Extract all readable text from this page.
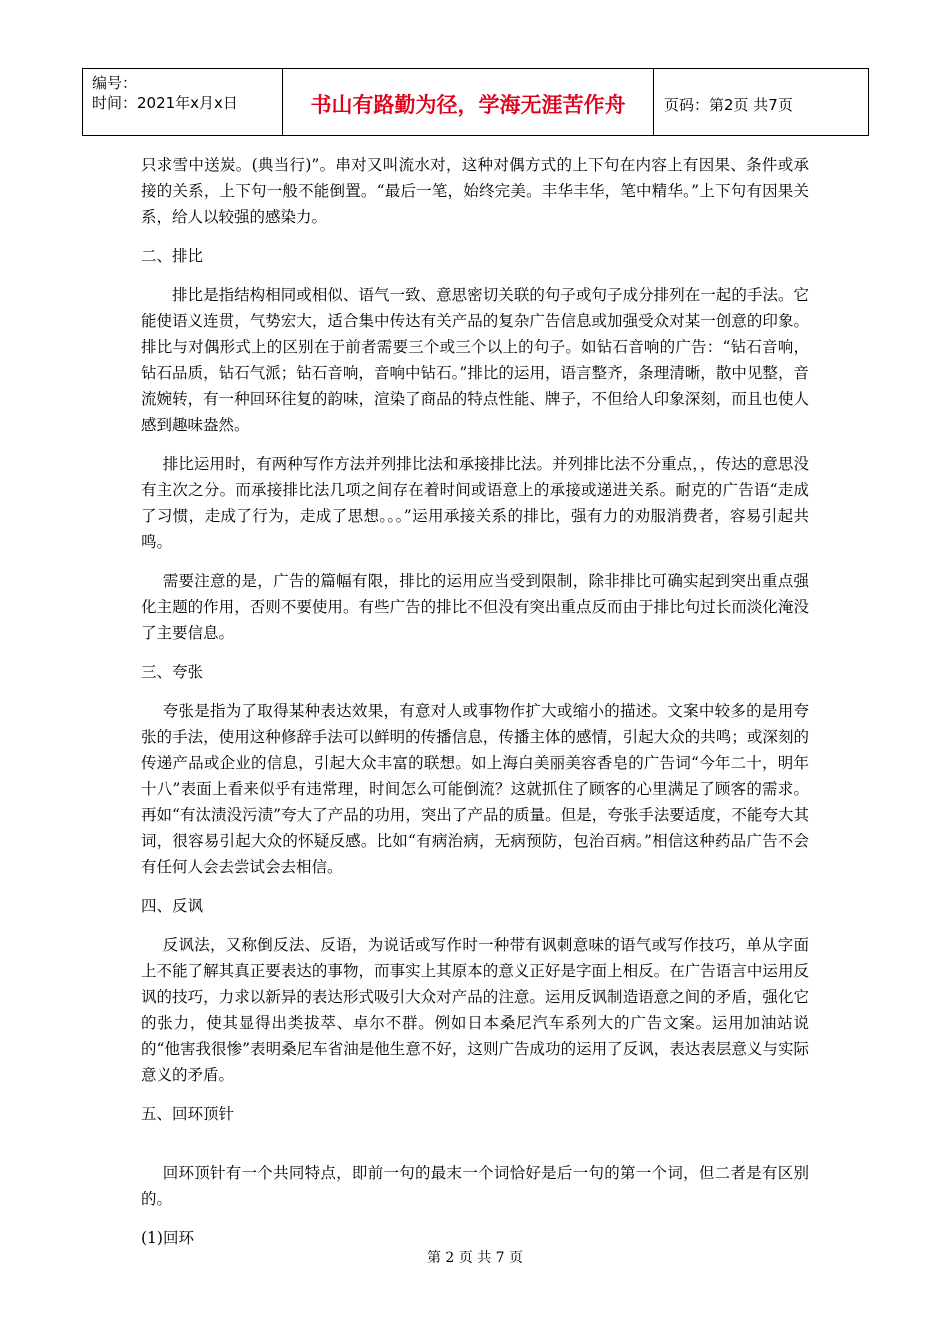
编号：
时间：2021年x月x日	书山有路勤为径，学海无涯苦作舟	页码：第2页 共7页

只求雪中送炭。(典当行)”。串对又叫流水对，这种对偶方式的上下句在内容上有因果、条件或承接的关系，上下句一般不能倒置。“最后一笔，始终完美。丰华丰华，笔中精华。”上下句有因果关系，给人以较强的感染力。

二、排比

排比是指结构相同或相似、语气一致、意思密切关联的句子或句子成分排列在一起的手法。它能使语义连贯，气势宏大，适合集中传达有关产品的复杂广告信息或加强受众对某一创意的印象。排比与对偶形式上的区别在于前者需要三个或三个以上的句子。如钻石音响的广告：“钻石音响，钻石品质，钻石气派；钻石音响，音响中钻石。”排比的运用，语言整齐，条理清晰，散中见整，音流婉转，有一种回环往复的韵味，渲染了商品的特点性能、牌子，不但给人印象深刻，而且也使人感到趣味盎然。

排比运用时，有两种写作方法并列排比法和承接排比法。并列排比法不分重点，，传达的意思没有主次之分。而承接排比法几项之间存在着时间或语意上的承接或递进关系。耐克的广告语“走成了习惯，走成了行为，走成了思想。。。”运用承接关系的排比，强有力的劝服消费者，容易引起共鸣。

需要注意的是，广告的篇幅有限，排比的运用应当受到限制，除非排比可确实起到突出重点强化主题的作用，否则不要使用。有些广告的排比不但没有突出重点反而由于排比句过长而淡化淹没了主要信息。

三、夸张

夸张是指为了取得某种表达效果，有意对人或事物作扩大或缩小的描述。文案中较多的是用夸张的手法，使用这种修辞手法可以鲜明的传播信息，传播主体的感情，引起大众的共鸣；或深刻的传递产品或企业的信息，引起大众丰富的联想。如上海白美丽美容香皂的广告词“今年二十，明年十八”表面上看来似乎有违常理，时间怎么可能倒流？这就抓住了顾客的心里满足了顾客的需求。再如“有汰渍没污渍”夸大了产品的功用，突出了产品的质量。但是，夸张手法要适度，不能夸大其词，很容易引起大众的怀疑反感。比如“有病治病，无病预防，包治百病。”相信这种药品广告不会有任何人会去尝试会去相信。

四、反讽

反讽法，又称倒反法、反语，为说话或写作时一种带有讽刺意味的语气或写作技巧，单从字面上不能了解其真正要表达的事物，而事实上其原本的意义正好是字面上相反。在广告语言中运用反讽的技巧，力求以新异的表达形式吸引大众对产品的注意。运用反讽制造语意之间的矛盾，强化它的张力，使其显得出类拔萃、卓尔不群。例如日本桑尼汽车系列大的广告文案。运用加油站说的“他害我很惨”表明桑尼车省油是他生意不好，这则广告成功的运用了反讽，表达表层意义与实际意义的矛盾。

五、回环顶针

回环顶针有一个共同特点，即前一句的最末一个词恰好是后一句的第一个词，但二者是有区别的。

(1)回环

第 2 页 共 7 页
